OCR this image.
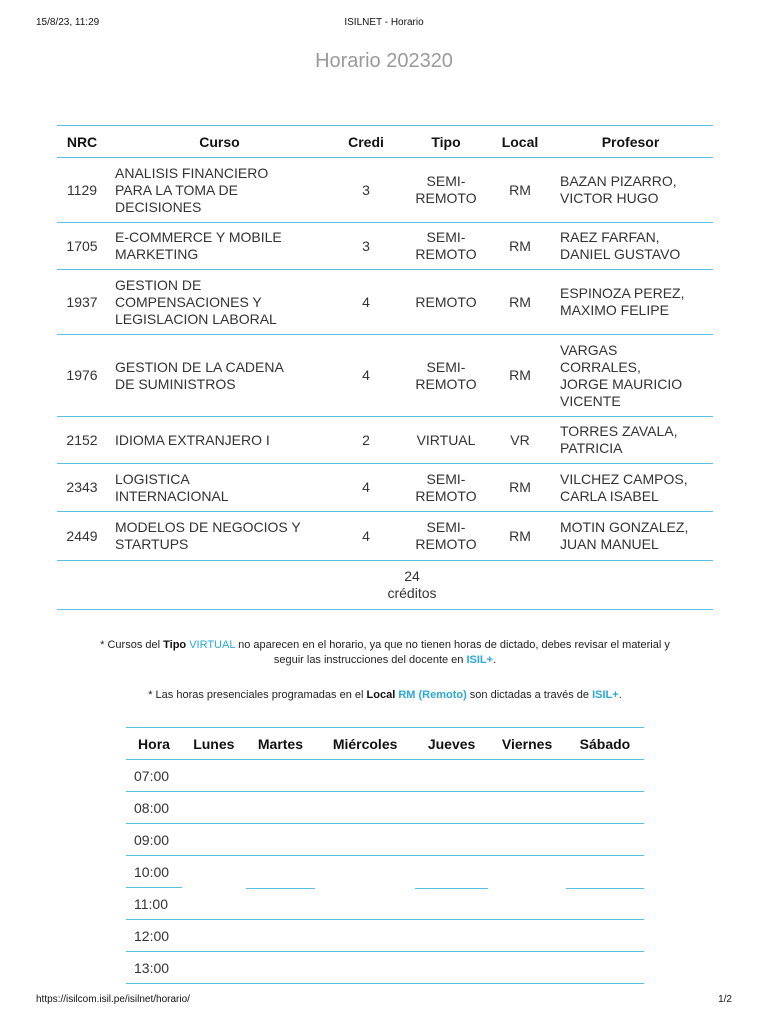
15/8/23, 11:29	ISILNET - Horario
Horario 202320
NRC	Curso	Credi	Tipo	Local	Profesor
1129	ANALISIS FINANCIERO
PARA LA TOMA DE
DECISIONES	3	SEMI-
REMOTO	RM	BAZAN PIZARRO,
VICTOR HUGO
1705	E-COMMERCE Y MOBILE
MARKETING	3	SEMI-
REMOTO	RM	RAEZ FARFAN,
DANIEL GUSTAVO
1937	GESTION DE
COMPENSACIONES Y
LEGISLACION LABORAL	4	REMOTO	RM	ESPINOZA PEREZ,
MAXIMO FELIPE
1976	GESTION DE LA CADENA
DE SUMINISTROS	4	SEMI-
REMOTO	RM	VARGAS
CORRALES,
JORGE MAURICIO
VICENTE
2152	IDIOMA EXTRANJERO I	2	VIRTUAL	VR	TORRES ZAVALA,
PATRICIA
2343	LOGISTICA
INTERNACIONAL	4	SEMI-
REMOTO	RM	VILCHEZ CAMPOS,
CARLA ISABEL
2449	MODELOS DE NEGOCIOS Y
STARTUPS	4	SEMI-
REMOTO	RM	MOTIN GONZALEZ,
JUAN MANUEL
		24
créditos			
* Cursos del Tipo VIRTUAL no aparecen en el horario, ya que no tienen horas de dictado, debes revisar el material y
seguir las instrucciones del docente en ISIL+.
* Las horas presenciales programadas en el Local RM (Remoto) son dictadas a través de ISIL+.
Hora	Lunes	Martes	Miércoles	Jueves	Viernes	Sábado
07:00						
08:00						
09:00						
10:00		

11:00						
12:00						
13:00						
https://isilcom.isil.pe/isilnet/horario/	1/2
